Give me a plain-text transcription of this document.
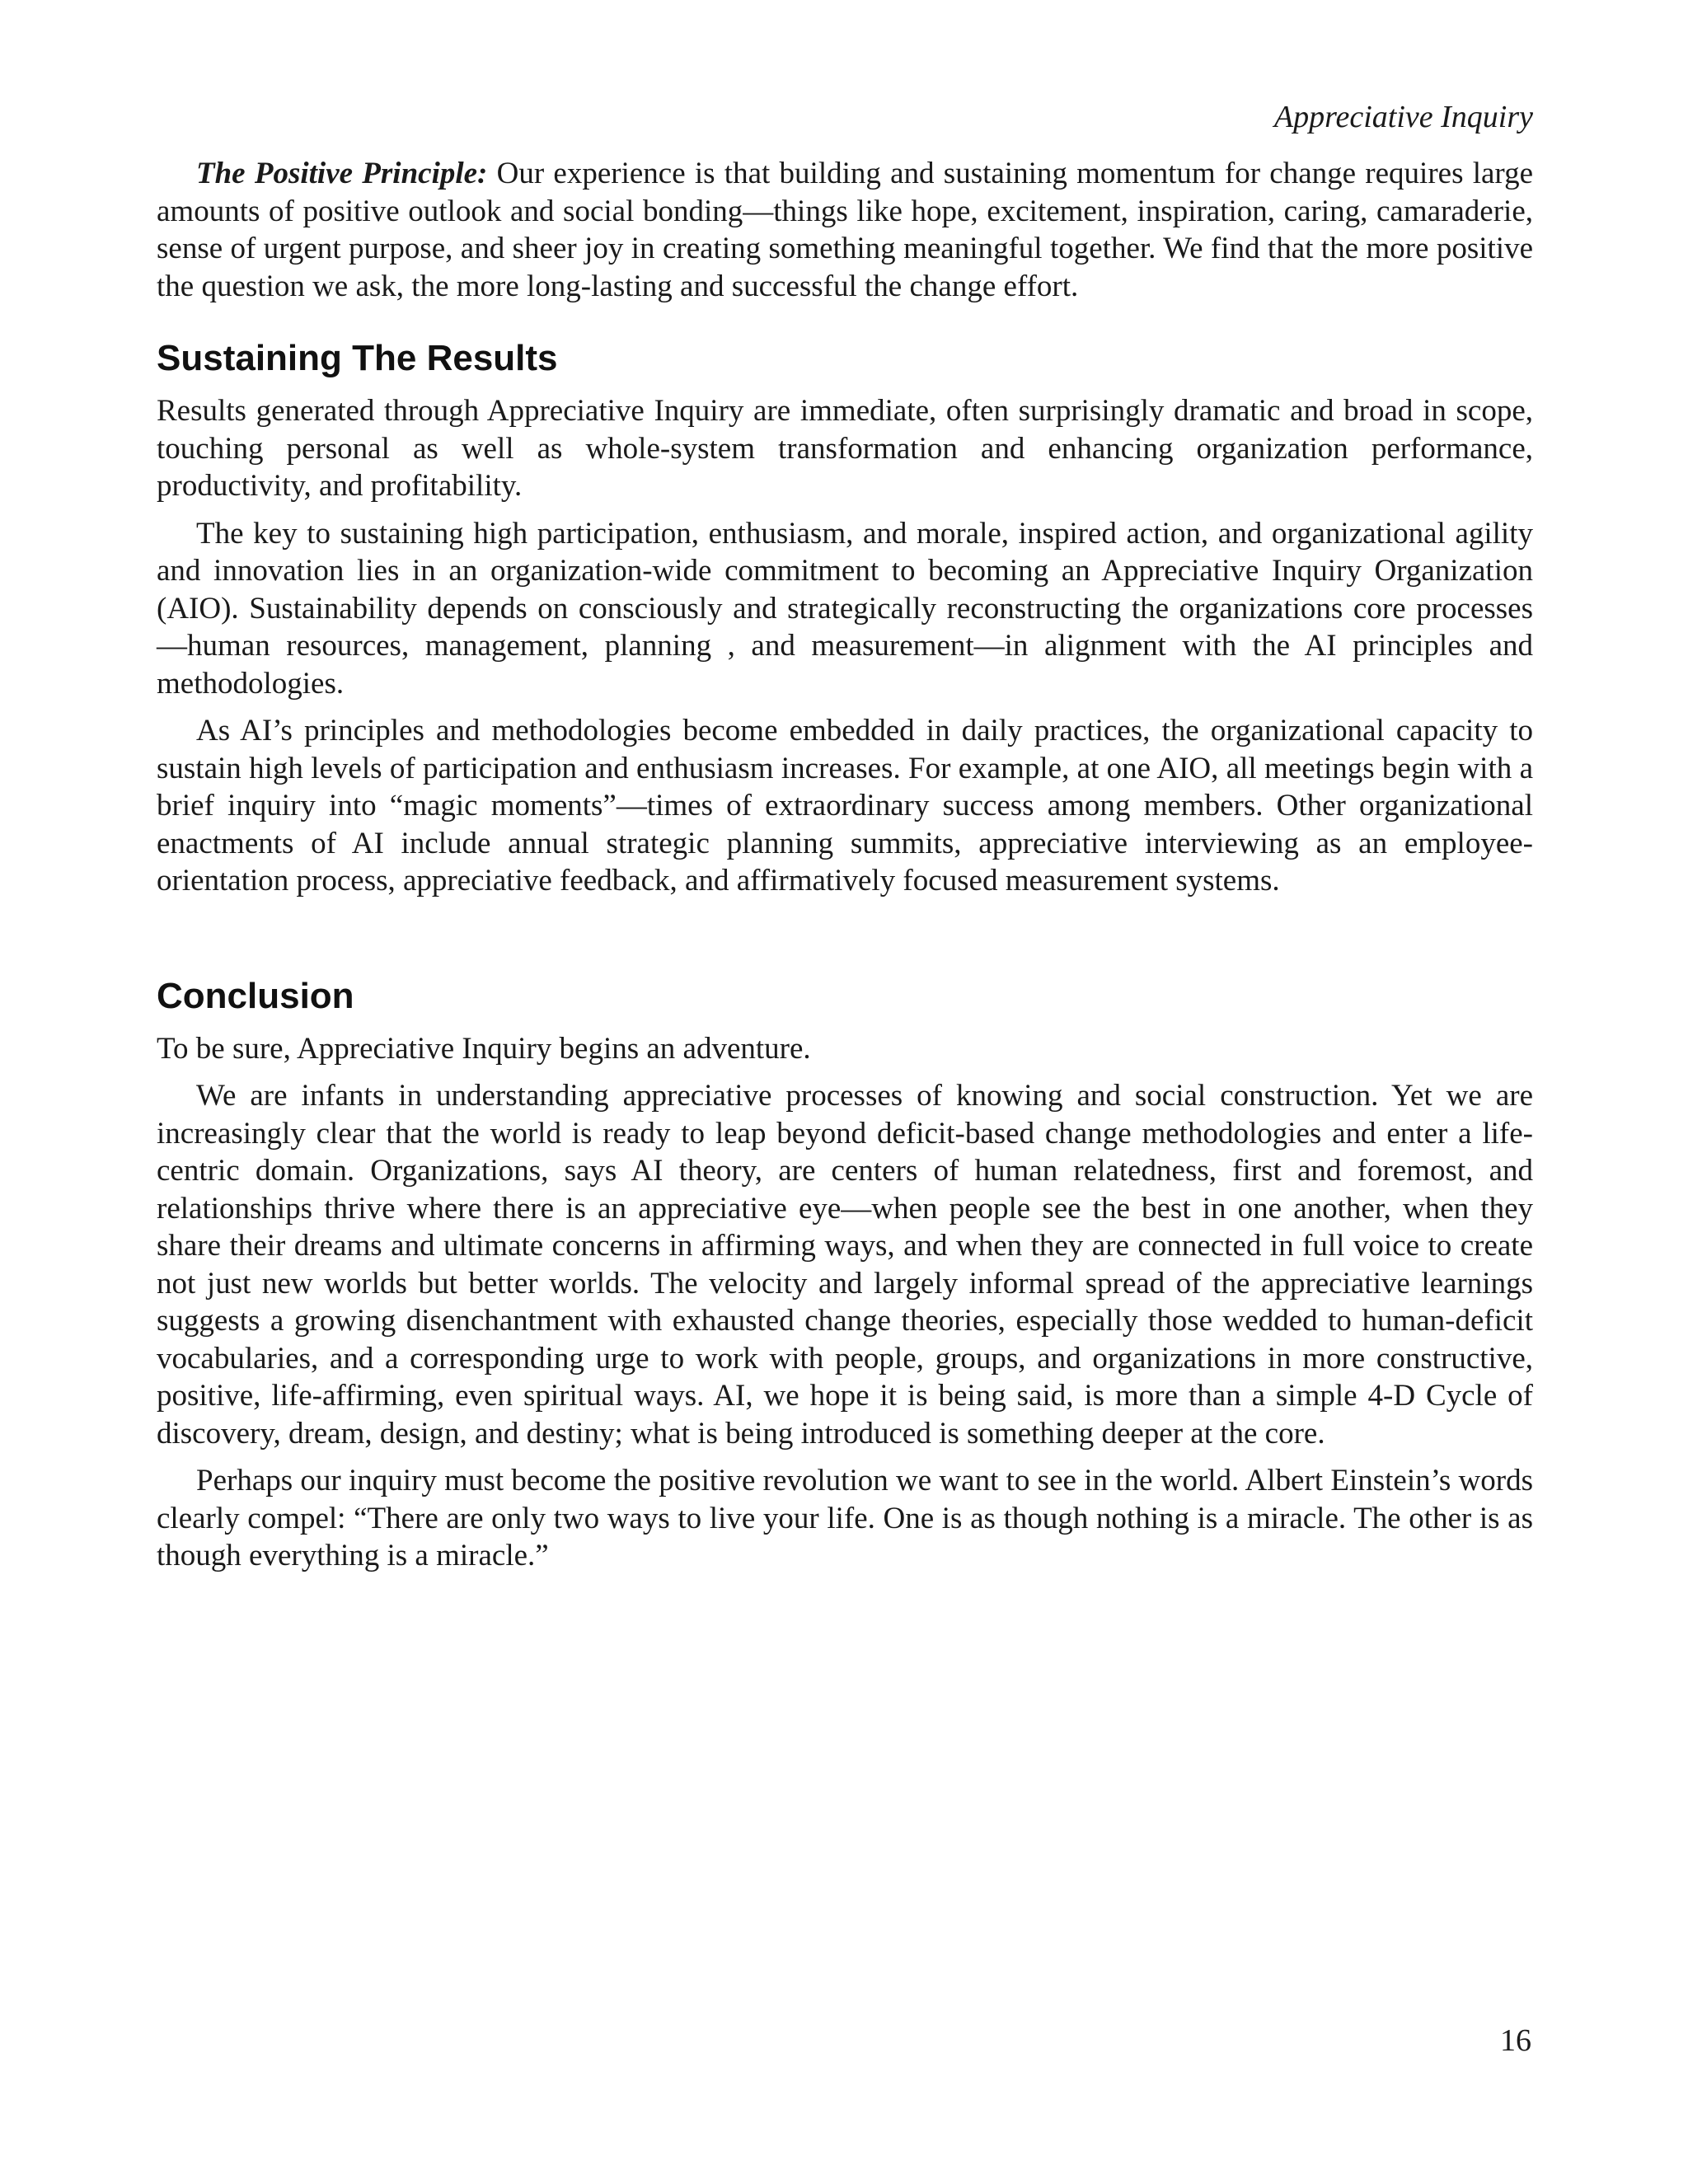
Appreciative Inquiry

The Positive Principle: Our experience is that building and sustaining momentum for change requires large amounts of positive outlook and social bonding—things like hope, excitement, inspiration, caring, camaraderie, sense of urgent purpose, and sheer joy in creating something meaningful together. We find that the more positive the question we ask, the more long-lasting and successful the change effort.

Sustaining The Results

Results generated through Appreciative Inquiry are immediate, often surprisingly dramatic and broad in scope, touching personal as well as whole-system transformation and enhancing organization performance, productivity, and profitability.

The key to sustaining high participation, enthusiasm, and morale, inspired action, and organizational agility and innovation lies in an organization-wide commitment to becoming an Appreciative Inquiry Organization (AIO). Sustainability depends on consciously and strategically reconstructing the organizations core processes—human resources, management, planning , and measurement—in alignment with the AI principles and methodologies.

As AI’s principles and methodologies become embedded in daily practices, the organizational capacity to sustain high levels of participation and enthusiasm increases. For example, at one AIO, all meetings begin with a brief inquiry into “magic moments”—times of extraordinary success among members. Other organizational enactments of AI include annual strategic planning summits, appreciative interviewing as an employee-orientation process, appreciative feedback, and affirmatively focused measurement systems.

Conclusion

To be sure, Appreciative Inquiry begins an adventure.

We are infants in understanding appreciative processes of knowing and social construction. Yet we are increasingly clear that the world is ready to leap beyond deficit-based change methodologies and enter a life-centric domain. Organizations, says AI theory, are centers of human relatedness, first and foremost, and relationships thrive where there is an appreciative eye—when people see the best in one another, when they share their dreams and ultimate concerns in affirming ways, and when they are connected in full voice to create not just new worlds but better worlds. The velocity and largely informal spread of the appreciative learnings suggests a growing disenchantment with exhausted change theories, especially those wedded to human-deficit vocabularies, and a corresponding urge to work with people, groups, and organizations in more constructive, positive, life-affirming, even spiritual ways. AI, we hope it is being said, is more than a simple 4-D Cycle of discovery, dream, design, and destiny; what is being introduced is something deeper at the core.

Perhaps our inquiry must become the positive revolution we want to see in the world. Albert Einstein’s words clearly compel: “There are only two ways to live your life. One is as though nothing is a miracle. The other is as though everything is a miracle.”

16
